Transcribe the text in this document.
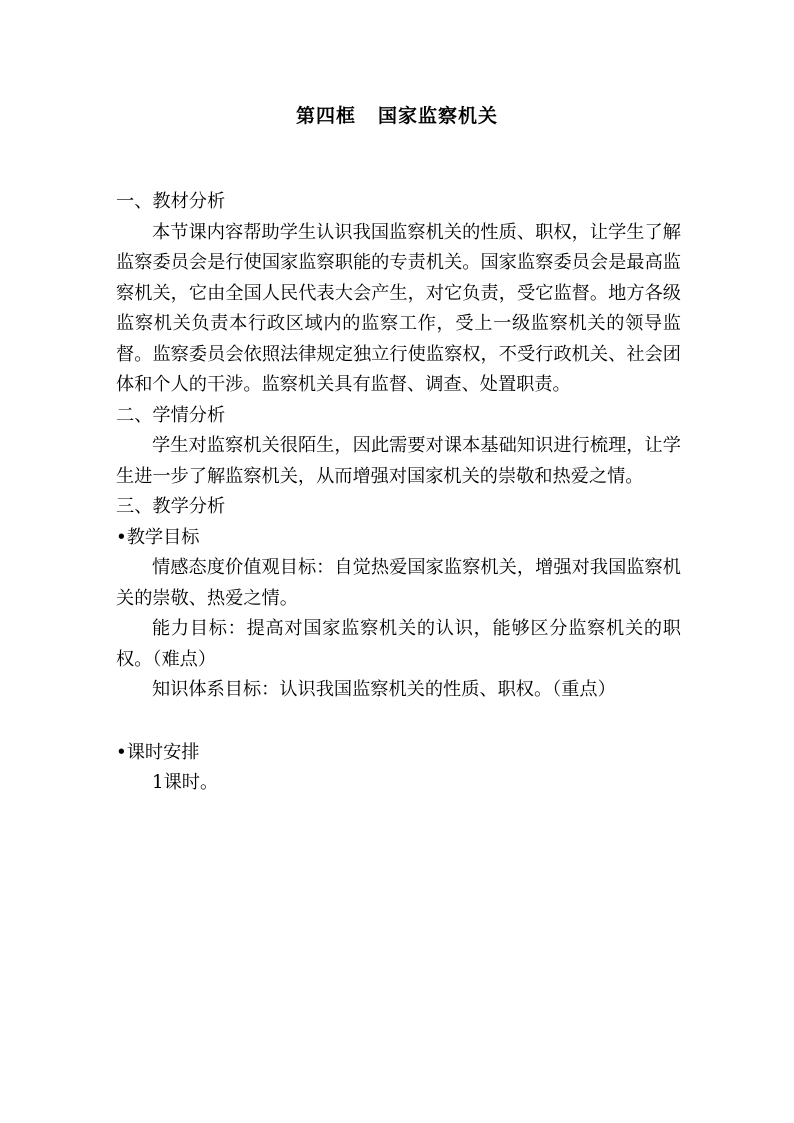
第四框 国家监察机关

一、教材分析

本节课内容帮助学生认识我国监察机关的性质、职权，让学生了解监察委员会是行使国家监察职能的专责机关。国家监察委员会是最高监察机关，它由全国人民代表大会产生，对它负责，受它监督。地方各级监察机关负责本行政区域内的监察工作，受上一级监察机关的领导监督。监察委员会依照法律规定独立行使监察权，不受行政机关、社会团体和个人的干涉。监察机关具有监督、调查、处置职责。

二、学情分析

学生对监察机关很陌生，因此需要对课本基础知识进行梳理，让学生进一步了解监察机关，从而增强对国家机关的崇敬和热爱之情。

三、教学分析

•教学目标

情感态度价值观目标：自觉热爱国家监察机关，增强对我国监察机关的崇敬、热爱之情。

能力目标：提高对国家监察机关的认识，能够区分监察机关的职权。（难点）

知识体系目标：认识我国监察机关的性质、职权。（重点）

•课时安排

1课时。
